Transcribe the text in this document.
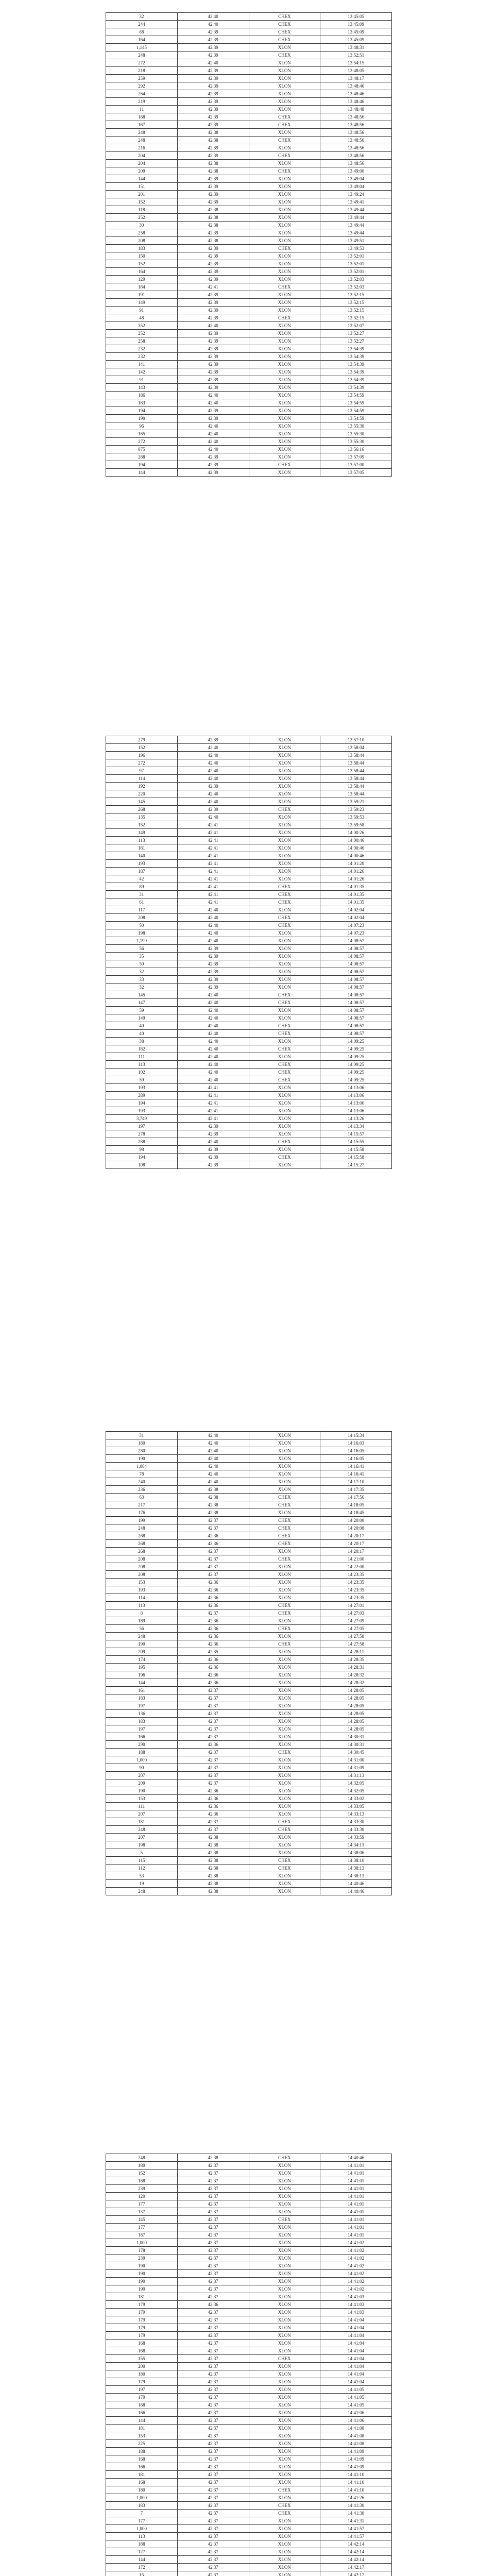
32	42.40	CHEX	13:45:05
244	42.40	CHEX	13:45:09
88	42.39	CHEX	13:45:09
164	42.39	CHEX	13:45:09
1,145	42.39	XLON	13:48:31
248	42.39	CHEX	13:52:51
272	42.40	XLON	13:54:15
218	42.39	XLON	13:48:05
259	42.39	XLON	13:48:17
292	42.39	XLON	13:48:46
264	42.39	XLON	13:48:46
219	42.39	XLON	13:48:46
11	42.39	XLON	13:48:48
168	42.39	CHEX	13:48:56
167	42.39	CHEX	13:48:56
248	42.38	XLON	13:48:56
248	42.38	CHEX	13:48:56
216	42.39	XLON	13:48:56
204	42.39	CHEX	13:48:56
204	42.38	XLON	13:48:56
209	42.38	CHEX	13:49:00
144	42.39	XLON	13:49:04
151	42.39	XLON	13:49:04
201	42.39	XLON	13:49:24
152	42.39	XLON	13:49:41
118	42.38	XLON	13:49:44
252	42.38	XLON	13:49:44
30	42.38	XLON	13:49:44
258	42.39	XLON	13:49:44
208	42.38	XLON	13:49:51
183	42.39	CHEX	13:49:53
150	42.39	XLON	13:52:01
152	42.39	XLON	13:52:01
164	42.39	XLON	13:52:01
129	42.39	XLON	13:52:03
184	42.41	CHEX	13:52:03
191	42.39	XLON	13:52:15
149	42.39	XLON	13:52:15
91	42.39	XLON	13:52:15
48	42.39	CHEX	13:52:15
352	42.40	XLON	13:52:07
252	42.39	XLON	13:52:27
258	42.39	XLON	13:52:27
232	42.39	XLON	13:54:39
232	42.39	XLON	13:54:39
141	42.39	XLON	13:54:39
142	42.39	XLON	13:54:39
91	42.39	XLON	13:54:39
143	42.39	XLON	13:54:39
186	42.40	XLON	13:54:59
183	42.40	XLON	13:54:59
194	42.39	XLON	13:54:59
190	42.39	XLON	13:54:59
96	42.40	XLON	13:55:30
165	42.40	XLON	13:55:30
272	42.40	XLON	13:55:30
875	42.40	XLON	13:56:16
288	42.39	XLON	13:57:09
194	42.39	CHEX	13:57:00
144	42.39	XLON	13:57:05
279	42.39	XLON	13:57:10
152	42.40	XLON	13:58:04
196	42.40	XLON	13:58:44
272	42.40	XLON	13:58:44
97	42.40	XLON	13:58:44
114	42.40	XLON	13:58:44
192	42.39	XLON	13:58:44
220	42.40	XLON	13:58:44
145	42.40	XLON	13:59:21
268	42.39	CHEX	13:59:23
135	42.40	XLON	13:59:53
152	42.41	XLON	13:59:58
149	42.41	XLON	14:00:26
113	42.41	XLON	14:00:46
181	42.41	XLON	14:00:46
140	42.41	XLON	14:00:46
193	42.41	XLON	14:01:20
187	42.41	XLON	14:01:26
42	42.41	XLON	14:01:26
89	42.41	CHEX	14:01:35
31	42.41	CHEX	14:01:35
61	42.41	CHEX	14:01:35
117	42.40	XLON	14:02:04
208	42.40	CHEX	14:02:04
50	42.40	CHEX	14:07:23
198	42.40	XLON	14:07:23
1,199	42.40	XLON	14:08:57
56	42.39	XLON	14:08:57
35	42.39	XLON	14:08:57
50	42.39	XLON	14:08:57
32	42.39	XLON	14:08:57
33	42.39	XLON	14:08:57
32	42.39	XLON	14:08:57
145	42.40	CHEX	14:08:57
147	42.40	CHEX	14:08:57
59	42.40	XLON	14:08:57
149	42.40	XLON	14:08:57
40	42.40	CHEX	14:08:57
40	42.40	CHEX	14:08:57
38	42.40	XLON	14:09:25
182	42.40	CHEX	14:09:25
111	42.40	XLON	14:09:25
113	42.40	CHEX	14:09:25
102	42.40	CHEX	14:09:25
59	42.40	CHEX	14:09:25
193	42.41	XLON	14:13:06
289	42.41	XLON	14:13:06
194	42.41	XLON	14:13:06
193	42.41	XLON	14:13:06
3,749	42.41	XLON	14:13:26
197	42.39	XLON	14:13:34
278	42.39	XLON	14:15:57
288	42.40	CHEX	14:15:55
98	42.39	XLON	14:15:58
194	42.39	CHEX	14:15:58
108	42.39	XLON	14:15:27
31	42.40	XLON	14:15:34
180	42.40	XLON	14:16:03
280	42.40	XLON	14:16:05
190	42.40	XLON	14:16:05
1,084	42.40	XLON	14:16:41
78	42.40	XLON	14:16:41
240	42.40	XLON	14:17:10
236	42.38	XLON	14:17:35
63	42.38	CHEX	14:17:56
217	42.38	CHEX	14:18:05
176	42.38	XLON	14:18:45
199	42.37	CHEX	14:20:00
248	42.37	CHEX	14:20:08
268	42.36	CHEX	14:20:17
268	42.36	CHEX	14:20:17
268	42.37	XLON	14:20:17
208	42.37	CHEX	14:21:00
208	42.37	XLON	14:22:00
208	42.37	XLON	14:23:35
153	42.36	XLON	14:23:35
193	42.36	XLON	14:23:35
114	42.36	XLON	14:23:35
113	42.36	CHEX	14:27:01
8	42.37	CHEX	14:27:03
189	42.36	XLON	14:27:09
56	42.36	CHEX	14:27:05
248	42.36	XLON	14:27:58
190	42.36	CHEX	14:27:58
209	42.35	XLON	14:28:11
174	42.36	XLON	14:28:35
195	42.36	XLON	14:28:31
196	42.36	XLON	14:28:32
144	42.36	XLON	14:28:32
161	42.37	XLON	14:28:05
183	42.37	XLON	14:28:05
197	42.37	XLON	14:28:05
136	42.37	XLON	14:28:05
183	42.37	XLON	14:28:05
197	42.37	XLON	14:28:05
166	42.37	XLON	14:30:31
290	42.36	XLON	14:30:31
188	42.37	CHEX	14:30:45
1,000	42.37	XLON	14:31:00
90	42.37	XLON	14:31:09
207	42.37	XLON	14:31:13
209	42.37	XLON	14:32:05
190	42.36	XLON	14:32:05
153	42.36	XLON	14:33:02
111	42.36	XLON	14:33:05
207	42.36	XLON	14:33:13
181	42.37	CHEX	14:33:30
248	42.37	CHEX	14:33:30
207	42.38	XLON	14:33:59
198	42.38	XLON	14:34:13
5	42.38	XLON	14:38:06
115	42.38	CHEX	14:38:10
112	42.38	CHEX	14:38:13
53	42.38	XLON	14:38:13
19	42.38	XLON	14:40:46
248	42.38	XLON	14:40:46
248	42.38	CHEX	14:40:46
180	42.37	XLON	14:41:01
152	42.37	XLON	14:41:01
188	42.37	XLON	14:41:01
239	42.37	XLON	14:41:01
120	42.37	XLON	14:41:01
177	42.37	XLON	14:41:01
137	42.37	XLON	14:41:01
145	42.37	CHEX	14:41:01
177	42.37	XLON	14:41:01
187	42.37	XLON	14:41:01
1,000	42.37	XLON	14:41:02
178	42.37	XLON	14:41:02
239	42.37	XLON	14:41:02
190	42.37	XLON	14:41:02
190	42.37	XLON	14:41:02
190	42.37	XLON	14:41:02
190	42.37	XLON	14:41:02
181	42.37	XLON	14:41:03
179	42.36	XLON	14:41:03
179	42.37	XLON	14:41:03
179	42.37	XLON	14:41:04
179	42.37	XLON	14:41:04
179	42.37	XLON	14:41:04
168	42.37	XLON	14:41:04
168	42.37	XLON	14:41:04
155	42.37	CHEX	14:41:04
200	42.37	XLON	14:41:04
180	42.37	XLON	14:41:04
179	42.37	XLON	14:41:04
197	42.37	XLON	14:41:05
179	42.37	XLON	14:41:05
168	42.37	XLON	14:41:05
166	42.37	XLON	14:41:06
144	42.37	XLON	14:41:06
181	42.37	XLON	14:41:08
153	42.37	XLON	14:41:08
225	42.37	XLON	14:41:08
188	42.37	XLON	14:41:09
168	42.37	XLON	14:41:09
166	42.37	XLON	14:41:09
181	42.37	XLON	14:41:10
168	42.37	XLON	14:41:10
180	42.37	CHEX	14:41:10
1,000	42.37	XLON	14:41:26
183	42.37	CHEX	14:41:30
7	42.37	CHEX	14:41:30
177	42.37	XLON	14:41:31
1,000	42.37	XLON	14:41:57
113	42.37	XLON	14:41:57
188	42.37	XLON	14:42:14
127	42.37	XLON	14:42:14
144	42.37	XLON	14:42:14
172	42.37	XLON	14:42:17
15	42.37	XLON	14:42:17
